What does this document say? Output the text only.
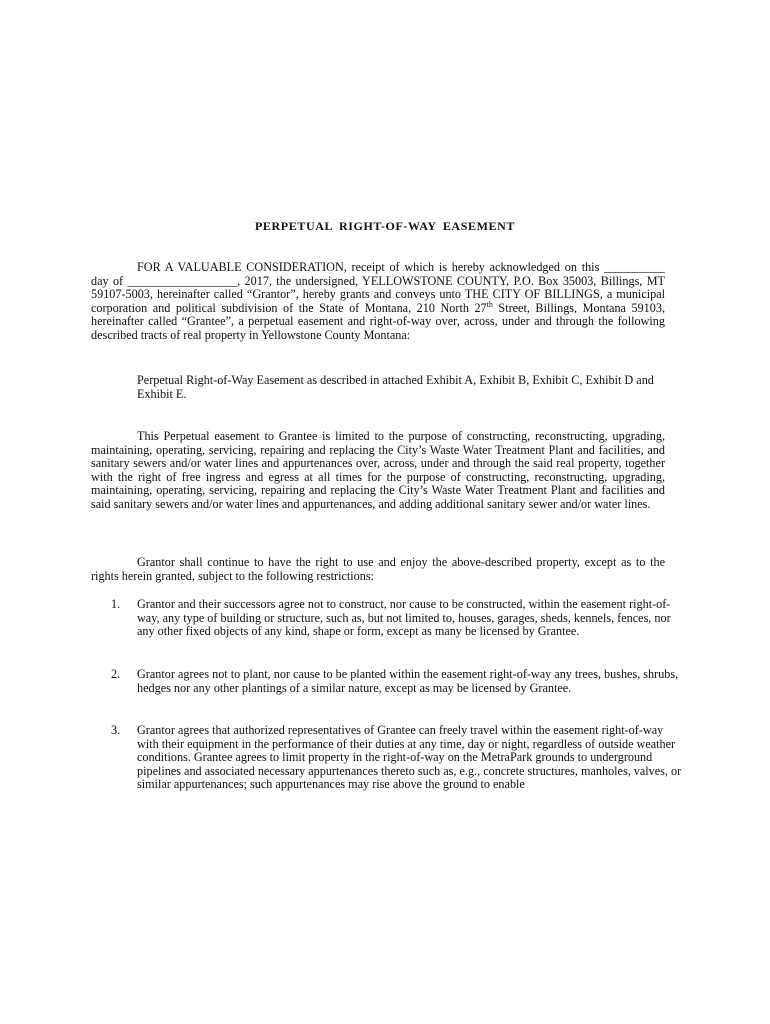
PERPETUAL RIGHT-OF-WAY EASEMENT

FOR A VALUABLE CONSIDERATION, receipt of which is hereby acknowledged on this __________ day of __________________, 2017, the undersigned, YELLOWSTONE COUNTY, P.O. Box 35003, Billings, MT 59107-5003, hereinafter called “Grantor”, hereby grants and conveys unto THE CITY OF BILLINGS, a municipal corporation and political subdivision of the State of Montana, 210 North 27th Street, Billings, Montana 59103, hereinafter called “Grantee”, a perpetual easement and right-of-way over, across, under and through the following described tracts of real property in Yellowstone County Montana:

Perpetual Right-of-Way Easement as described in attached Exhibit A, Exhibit B, Exhibit C, Exhibit D and Exhibit E.

This Perpetual easement to Grantee is limited to the purpose of constructing, reconstructing, upgrading, maintaining, operating, servicing, repairing and replacing the City’s Waste Water Treatment Plant and facilities, and sanitary sewers and/or water lines and appurtenances over, across, under and through the said real property, together with the right of free ingress and egress at all times for the purpose of constructing, reconstructing, upgrading, maintaining, operating, servicing, repairing and replacing the City’s Waste Water Treatment Plant and facilities and said sanitary sewers and/or water lines and appurtenances, and adding additional sanitary sewer and/or water lines.

Grantor shall continue to have the right to use and enjoy the above-described property, except as to the rights herein granted, subject to the following restrictions:

1. Grantor and their successors agree not to construct, nor cause to be constructed, within the easement right-of-way, any type of building or structure, such as, but not limited to, houses, garages, sheds, kennels, fences, nor any other fixed objects of any kind, shape or form, except as many be licensed by Grantee.
2. Grantor agrees not to plant, nor cause to be planted within the easement right-of-way any trees, bushes, shrubs, hedges nor any other plantings of a similar nature, except as may be licensed by Grantee.
3. Grantor agrees that authorized representatives of Grantee can freely travel within the easement right-of-way with their equipment in the performance of their duties at any time, day or night, regardless of outside weather conditions. Grantee agrees to limit property in the right-of-way on the MetraPark grounds to underground pipelines and associated necessary appurtenances thereto such as, e.g., concrete structures, manholes, valves, or similar appurtenances; such appurtenances may rise above the ground to enable
